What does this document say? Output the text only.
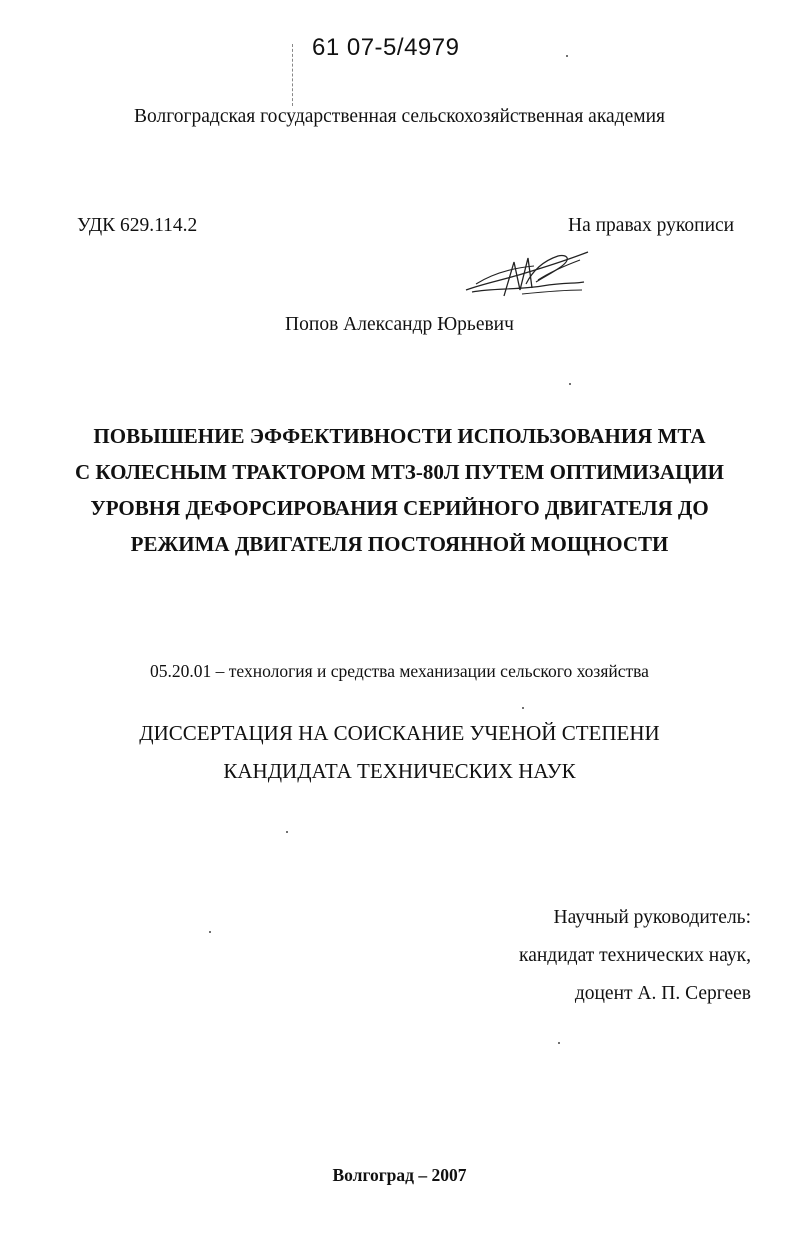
61 07-5/4979
Волгоградская государственная сельскохозяйственная академия
УДК 629.114.2	На правах рукописи
Попов Александр Юрьевич
ПОВЫШЕНИЕ ЭФФЕКТИВНОСТИ ИСПОЛЬЗОВАНИЯ МТА
С КОЛЕСНЫМ ТРАКТОРОМ МТЗ-80Л ПУТЕМ ОПТИМИЗАЦИИ
УРОВНЯ ДЕФОРСИРОВАНИЯ СЕРИЙНОГО ДВИГАТЕЛЯ ДО
РЕЖИМА ДВИГАТЕЛЯ ПОСТОЯННОЙ МОЩНОСТИ
05.20.01 – технология и средства механизации сельского хозяйства
ДИССЕРТАЦИЯ НА СОИСКАНИЕ УЧЕНОЙ СТЕПЕНИ
КАНДИДАТА ТЕХНИЧЕСКИХ НАУК
Научный руководитель:
кандидат технических наук,
доцент А. П. Сергеев
Волгоград – 2007
